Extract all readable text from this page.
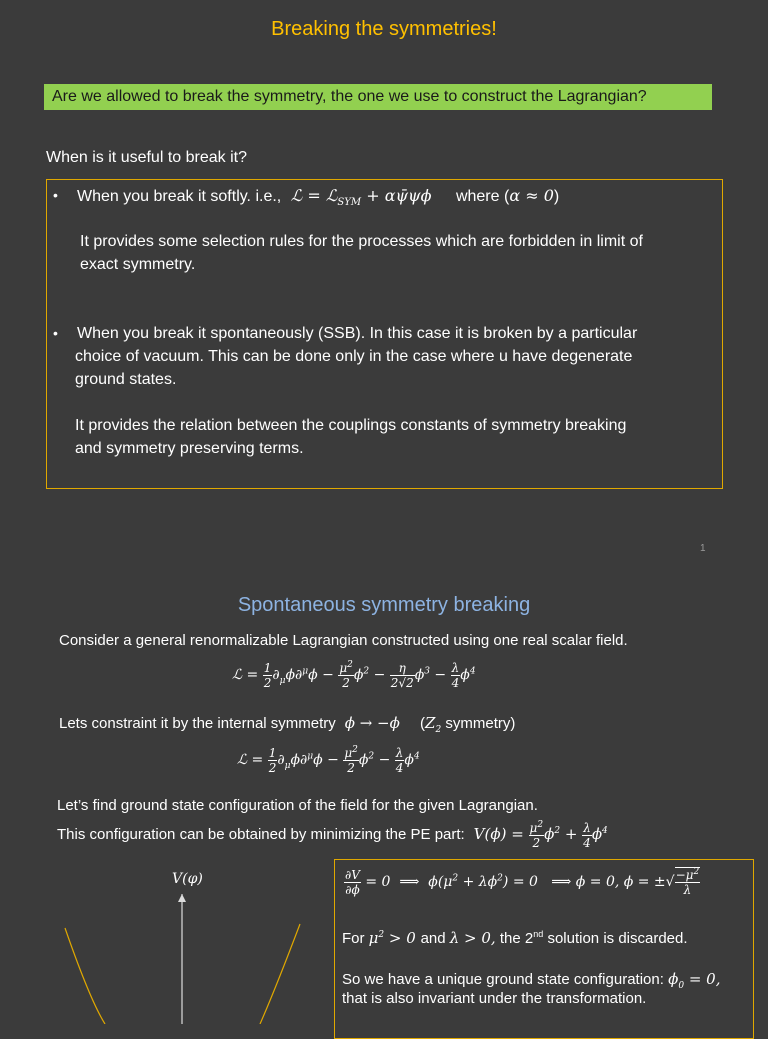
Breaking the symmetries!
Are we allowed to break the symmetry, the one we use to construct the Lagrangian?
When is it useful to break it?
• When you break it softly. i.e.,  ℒ = ℒ$_{SYM}$ + αψ̄ψϕ where (α ≈ 0)
It provides some selection rules for the processes which are forbidden in limit of
exact symmetry.
• When you break it spontaneously (SSB). In this case it is broken by a particular
choice of vacuum. This can be done only in the case where u have degenerate
ground states.
It provides the relation between the couplings constants of symmetry breaking
and symmetry preserving terms.
1
Spontaneous symmetry breaking
Consider a general renormalizable Lagrangian constructed using one real scalar field.
ℒ = $\frac{1}{2} \partial_\mu\phi\partial^\mu\phi - \frac{\mu^2}{2} \phi^2 - \frac{\eta}{2√2} \phi^3 - \frac{\lambda}{4} \phi^4$
Lets constraint it by the internal symmetry  ϕ → −ϕ ($Z_2$ symmetry)
ℒ = $\frac{1}{2} \partial_\mu\phi\partial^\mu\phi - \frac{\mu^2}{2} \phi^2 - \frac{\lambda}{4} \phi^4$
Let’s find ground state configuration of the field for the given Lagrangian.
This configuration can be obtained by minimizing the PE part:  $V(\phi) = \frac{\mu^2}{2} \phi^2 + \frac{\lambda}{4} \phi^4$
V(φ)	$\frac{\partial V}{\partial\phi} = 0$  ⟹  $\phi(\mu^2 + \lambda\phi^2) = 0$   ⟹ ϕ = 0, ϕ = ±√ $\frac{-\mu^2}{\lambda}$
For $\mu^2 > 0$ and λ > 0, the 2nd solution is discarded.
So we have a unique ground state configuration: $\phi_0 = 0$,
that is also invariant under the transformation.
